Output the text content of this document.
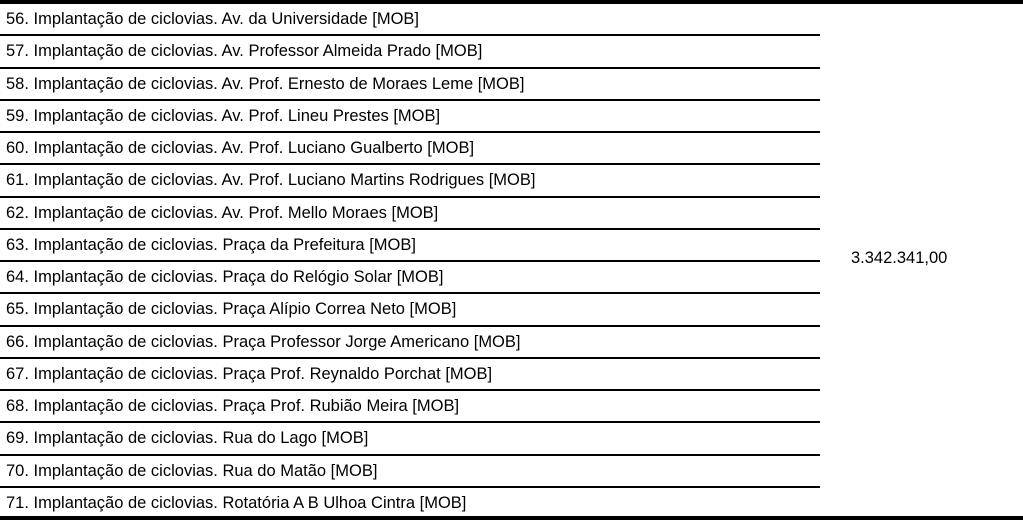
56. Implantação de ciclovias. Av. da Universidade [MOB]
57. Implantação de ciclovias. Av. Professor Almeida Prado [MOB]
58. Implantação de ciclovias. Av. Prof. Ernesto de Moraes Leme [MOB]
59. Implantação de ciclovias. Av. Prof. Lineu Prestes [MOB]
60. Implantação de ciclovias. Av. Prof. Luciano Gualberto [MOB]
61. Implantação de ciclovias. Av. Prof. Luciano Martins Rodrigues [MOB]
62. Implantação de ciclovias. Av. Prof. Mello Moraes [MOB]
63. Implantação de ciclovias. Praça da Prefeitura [MOB]
64. Implantação de ciclovias. Praça do Relógio Solar [MOB]
65. Implantação de ciclovias. Praça Alípio Correa Neto [MOB]
66. Implantação de ciclovias. Praça Professor Jorge Americano [MOB]
67. Implantação de ciclovias. Praça Prof. Reynaldo Porchat [MOB]
68. Implantação de ciclovias. Praça Prof. Rubião Meira [MOB]
69. Implantação de ciclovias. Rua do Lago [MOB]
70. Implantação de ciclovias. Rua do Matão [MOB]
71. Implantação de ciclovias. Rotatória A B Ulhoa Cintra [MOB]
3.342.341,00
